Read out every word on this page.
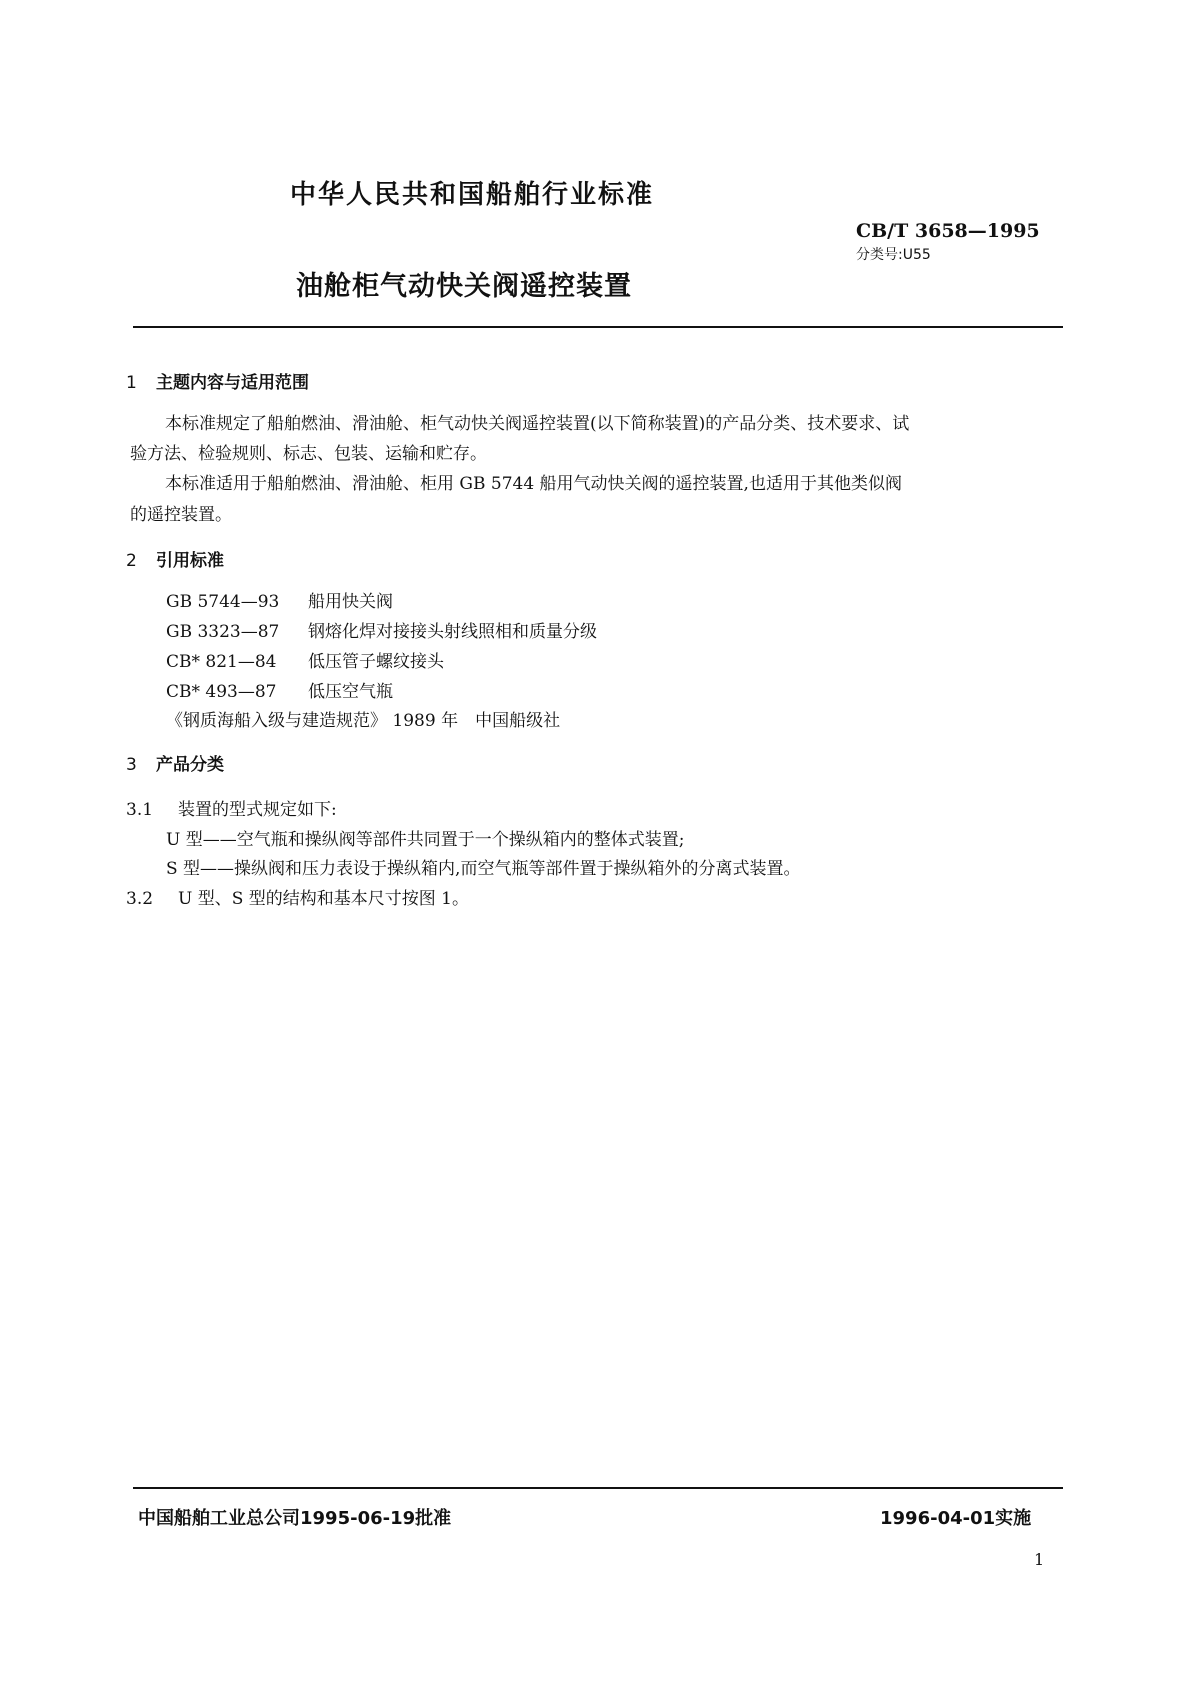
中华人民共和国船舶行业标准
CB/T 3658—1995
分类号:U55
油舱柜气动快关阀遥控装置
1 主题内容与适用范围
本标准规定了船舶燃油、滑油舱、柜气动快关阀遥控装置(以下简称装置)的产品分类、技术要求、试
验方法、检验规则、标志、包装、运输和贮存。
本标准适用于船舶燃油、滑油舱、柜用 GB 5744 船用气动快关阀的遥控装置,也适用于其他类似阀
的遥控装置。
2 引用标准
GB 5744—93 船用快关阀
GB 3323—87 钢熔化焊对接接头射线照相和质量分级
CB* 821—84 低压管子螺纹接头
CB* 493—87 低压空气瓶
《钢质海船入级与建造规范》 1989 年　中国船级社
3 产品分类
3.1 装置的型式规定如下:
U 型——空气瓶和操纵阀等部件共同置于一个操纵箱内的整体式装置;
S 型——操纵阀和压力表设于操纵箱内,而空气瓶等部件置于操纵箱外的分离式装置。
3.2 U 型、S 型的结构和基本尺寸按图 1。
中国船舶工业总公司1995-06-19批准	1996-04-01实施
1
